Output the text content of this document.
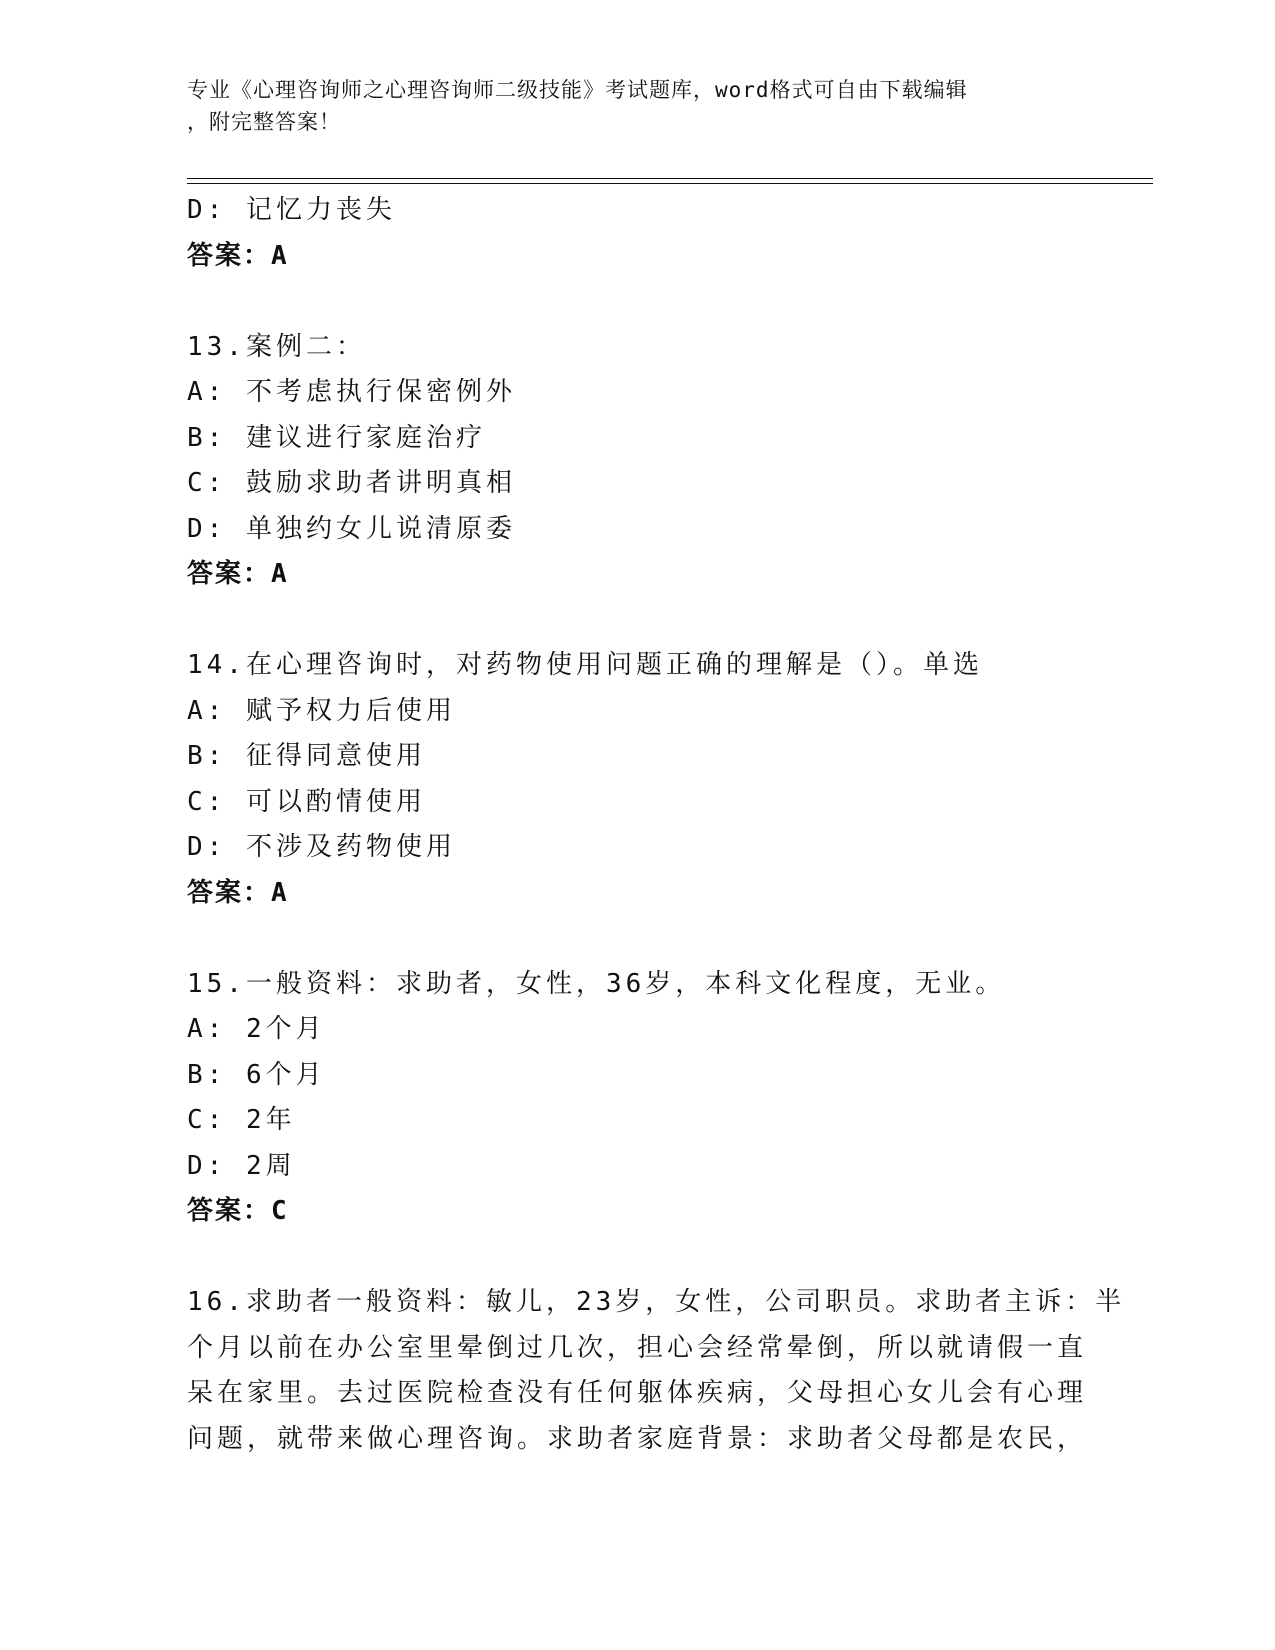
专业《心理咨询师之心理咨询师二级技能》考试题库，word格式可自由下载编辑
，附完整答案！
D: 记忆力丧失
答案：A
13.案例二：
A: 不考虑执行保密例外
B: 建议进行家庭治疗
C: 鼓励求助者讲明真相
D: 单独约女儿说清原委
答案：A
14.在心理咨询时，对药物使用问题正确的理解是（）。单选
A: 赋予权力后使用
B: 征得同意使用
C: 可以酌情使用
D: 不涉及药物使用
答案：A
15.一般资料：求助者，女性，36岁，本科文化程度，无业。
A: 2个月
B: 6个月
C: 2年
D: 2周
答案：C
16.求助者一般资料：敏儿，23岁，女性，公司职员。求助者主诉：半
个月以前在办公室里晕倒过几次，担心会经常晕倒，所以就请假一直
呆在家里。去过医院检查没有任何躯体疾病，父母担心女儿会有心理
问题，就带来做心理咨询。求助者家庭背景：求助者父母都是农民，
